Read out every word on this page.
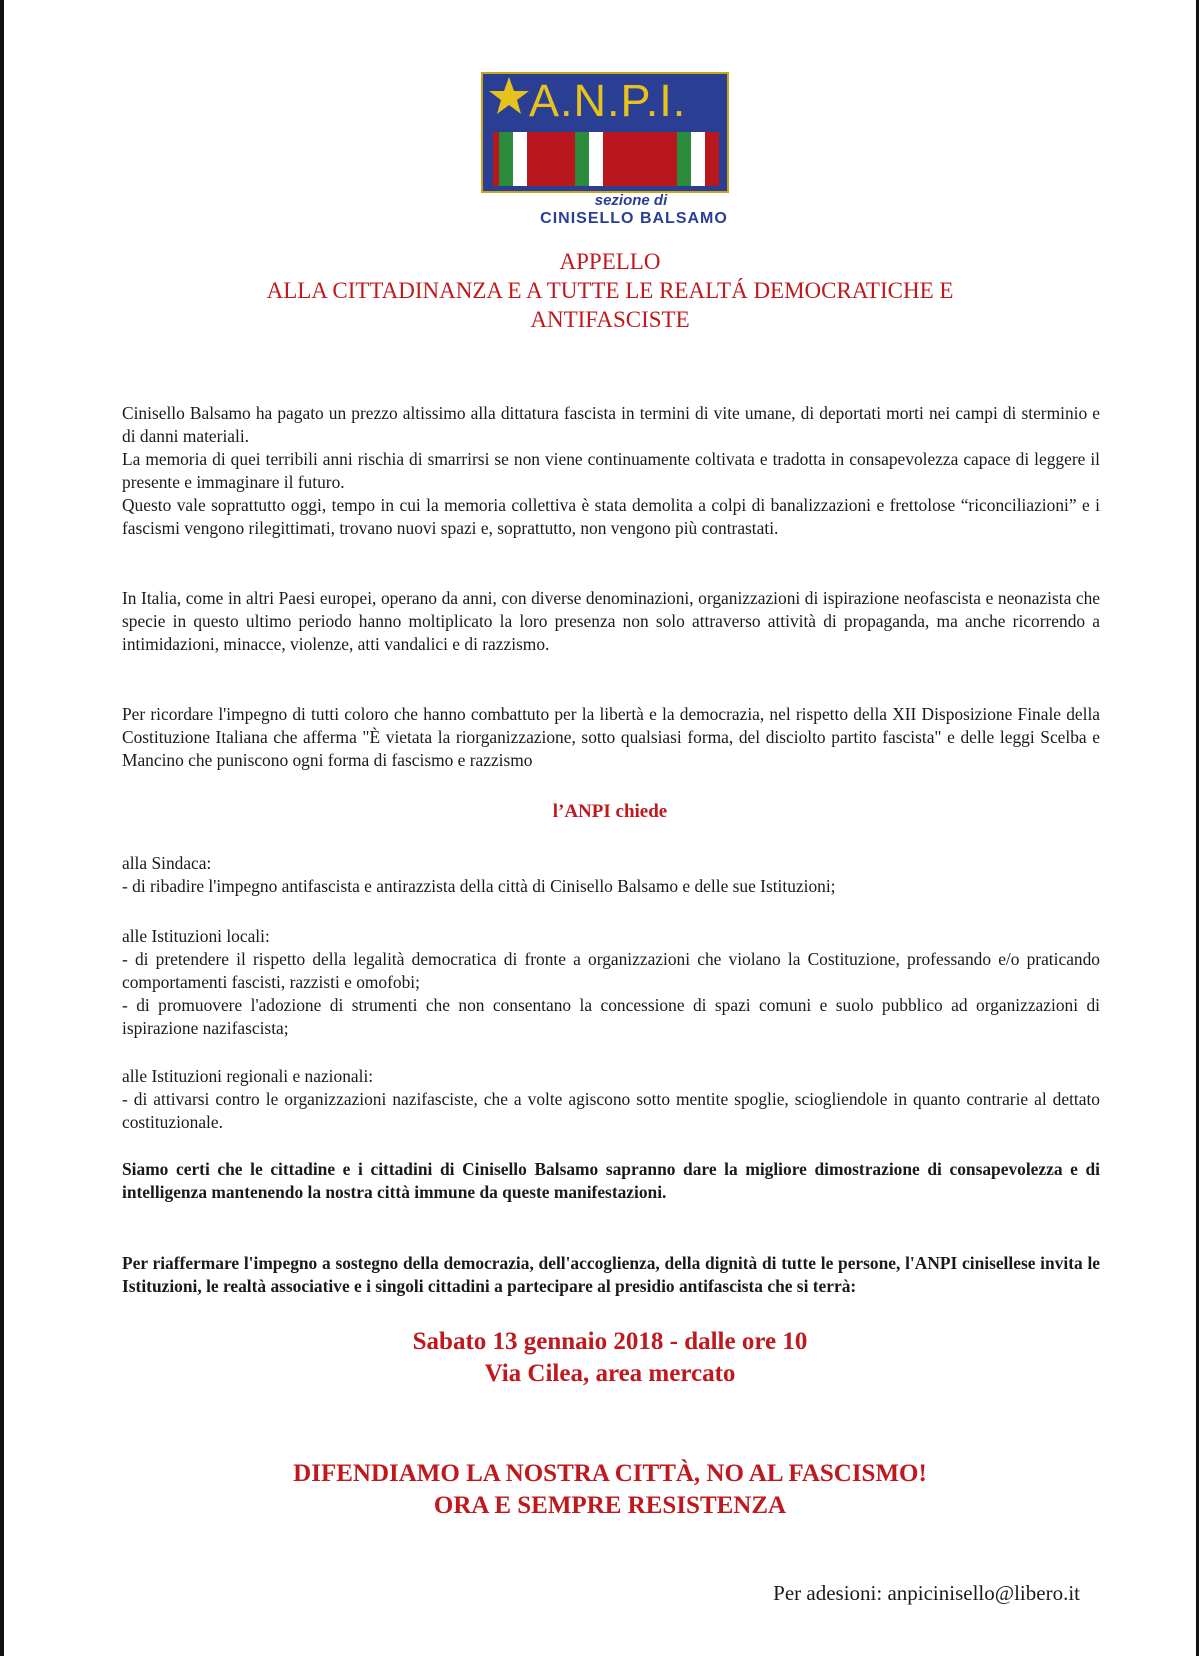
A.N.P.I.
sezione di
CINISELLO BALSAMO
APPELLO
ALLA CITTADINANZA E A TUTTE LE REALTÁ DEMOCRATICHE E
ANTIFASCISTE

Cinisello Balsamo ha pagato un prezzo altissimo alla dittatura fascista in termini di vite umane, di deportati morti nei campi di sterminio e di danni materiali.

La memoria di quei terribili anni rischia di smarrirsi se non viene continuamente coltivata e tradotta in consapevolezza capace di leggere il presente e immaginare il futuro.

Questo vale soprattutto oggi, tempo in cui la memoria collettiva è stata demolita a colpi di banalizzazioni e frettolose “riconciliazioni” e i fascismi vengono rilegittimati, trovano nuovi spazi e, soprattutto, non vengono più contrastati.

In Italia, come in altri Paesi europei, operano da anni, con diverse denominazioni, organizzazioni di ispirazione neofascista e neonazista che specie in questo ultimo periodo hanno moltiplicato la loro presenza non solo attraverso attività di propaganda, ma anche ricorrendo a intimidazioni, minacce, violenze, atti vandalici e di razzismo.

Per ricordare l'impegno di tutti coloro che hanno combattuto per la libertà e la democrazia, nel rispetto della XII Disposizione Finale della Costituzione Italiana che afferma "È vietata la riorganizzazione, sotto qualsiasi forma, del disciolto partito fascista" e delle leggi Scelba e Mancino che puniscono ogni forma di fascismo e razzismo

l’ANPI chiede

alla Sindaca:

- di ribadire l'impegno antifascista e antirazzista della città di Cinisello Balsamo e delle sue Istituzioni;

alle Istituzioni locali:

- di pretendere il rispetto della legalità democratica di fronte a organizzazioni che violano la Costituzione, professando e/o praticando comportamenti fascisti, razzisti e omofobi;

- di promuovere l'adozione di strumenti che non consentano la concessione di spazi comuni e suolo pubblico ad organizzazioni di ispirazione nazifascista;

alle Istituzioni regionali e nazionali:

- di attivarsi contro le organizzazioni nazifasciste, che a volte agiscono sotto mentite spoglie, sciogliendole in quanto contrarie al dettato costituzionale.

Siamo certi che le cittadine e i cittadini di Cinisello Balsamo sapranno dare la migliore dimostrazione di consapevolezza e di intelligenza mantenendo la nostra città immune da queste manifestazioni.

Per riaffermare l'impegno a sostegno della democrazia, dell'accoglienza, della dignità di tutte le persone, l'ANPI cinisellese invita le Istituzioni, le realtà associative e i singoli cittadini a partecipare al presidio antifascista che si terrà:

Sabato 13 gennaio 2018 - dalle ore 10
Via Cilea, area mercato
DIFENDIAMO LA NOSTRA CITTÀ, NO AL FASCISMO!
ORA E SEMPRE RESISTENZA
Per adesioni: anpicinisello@libero.it
